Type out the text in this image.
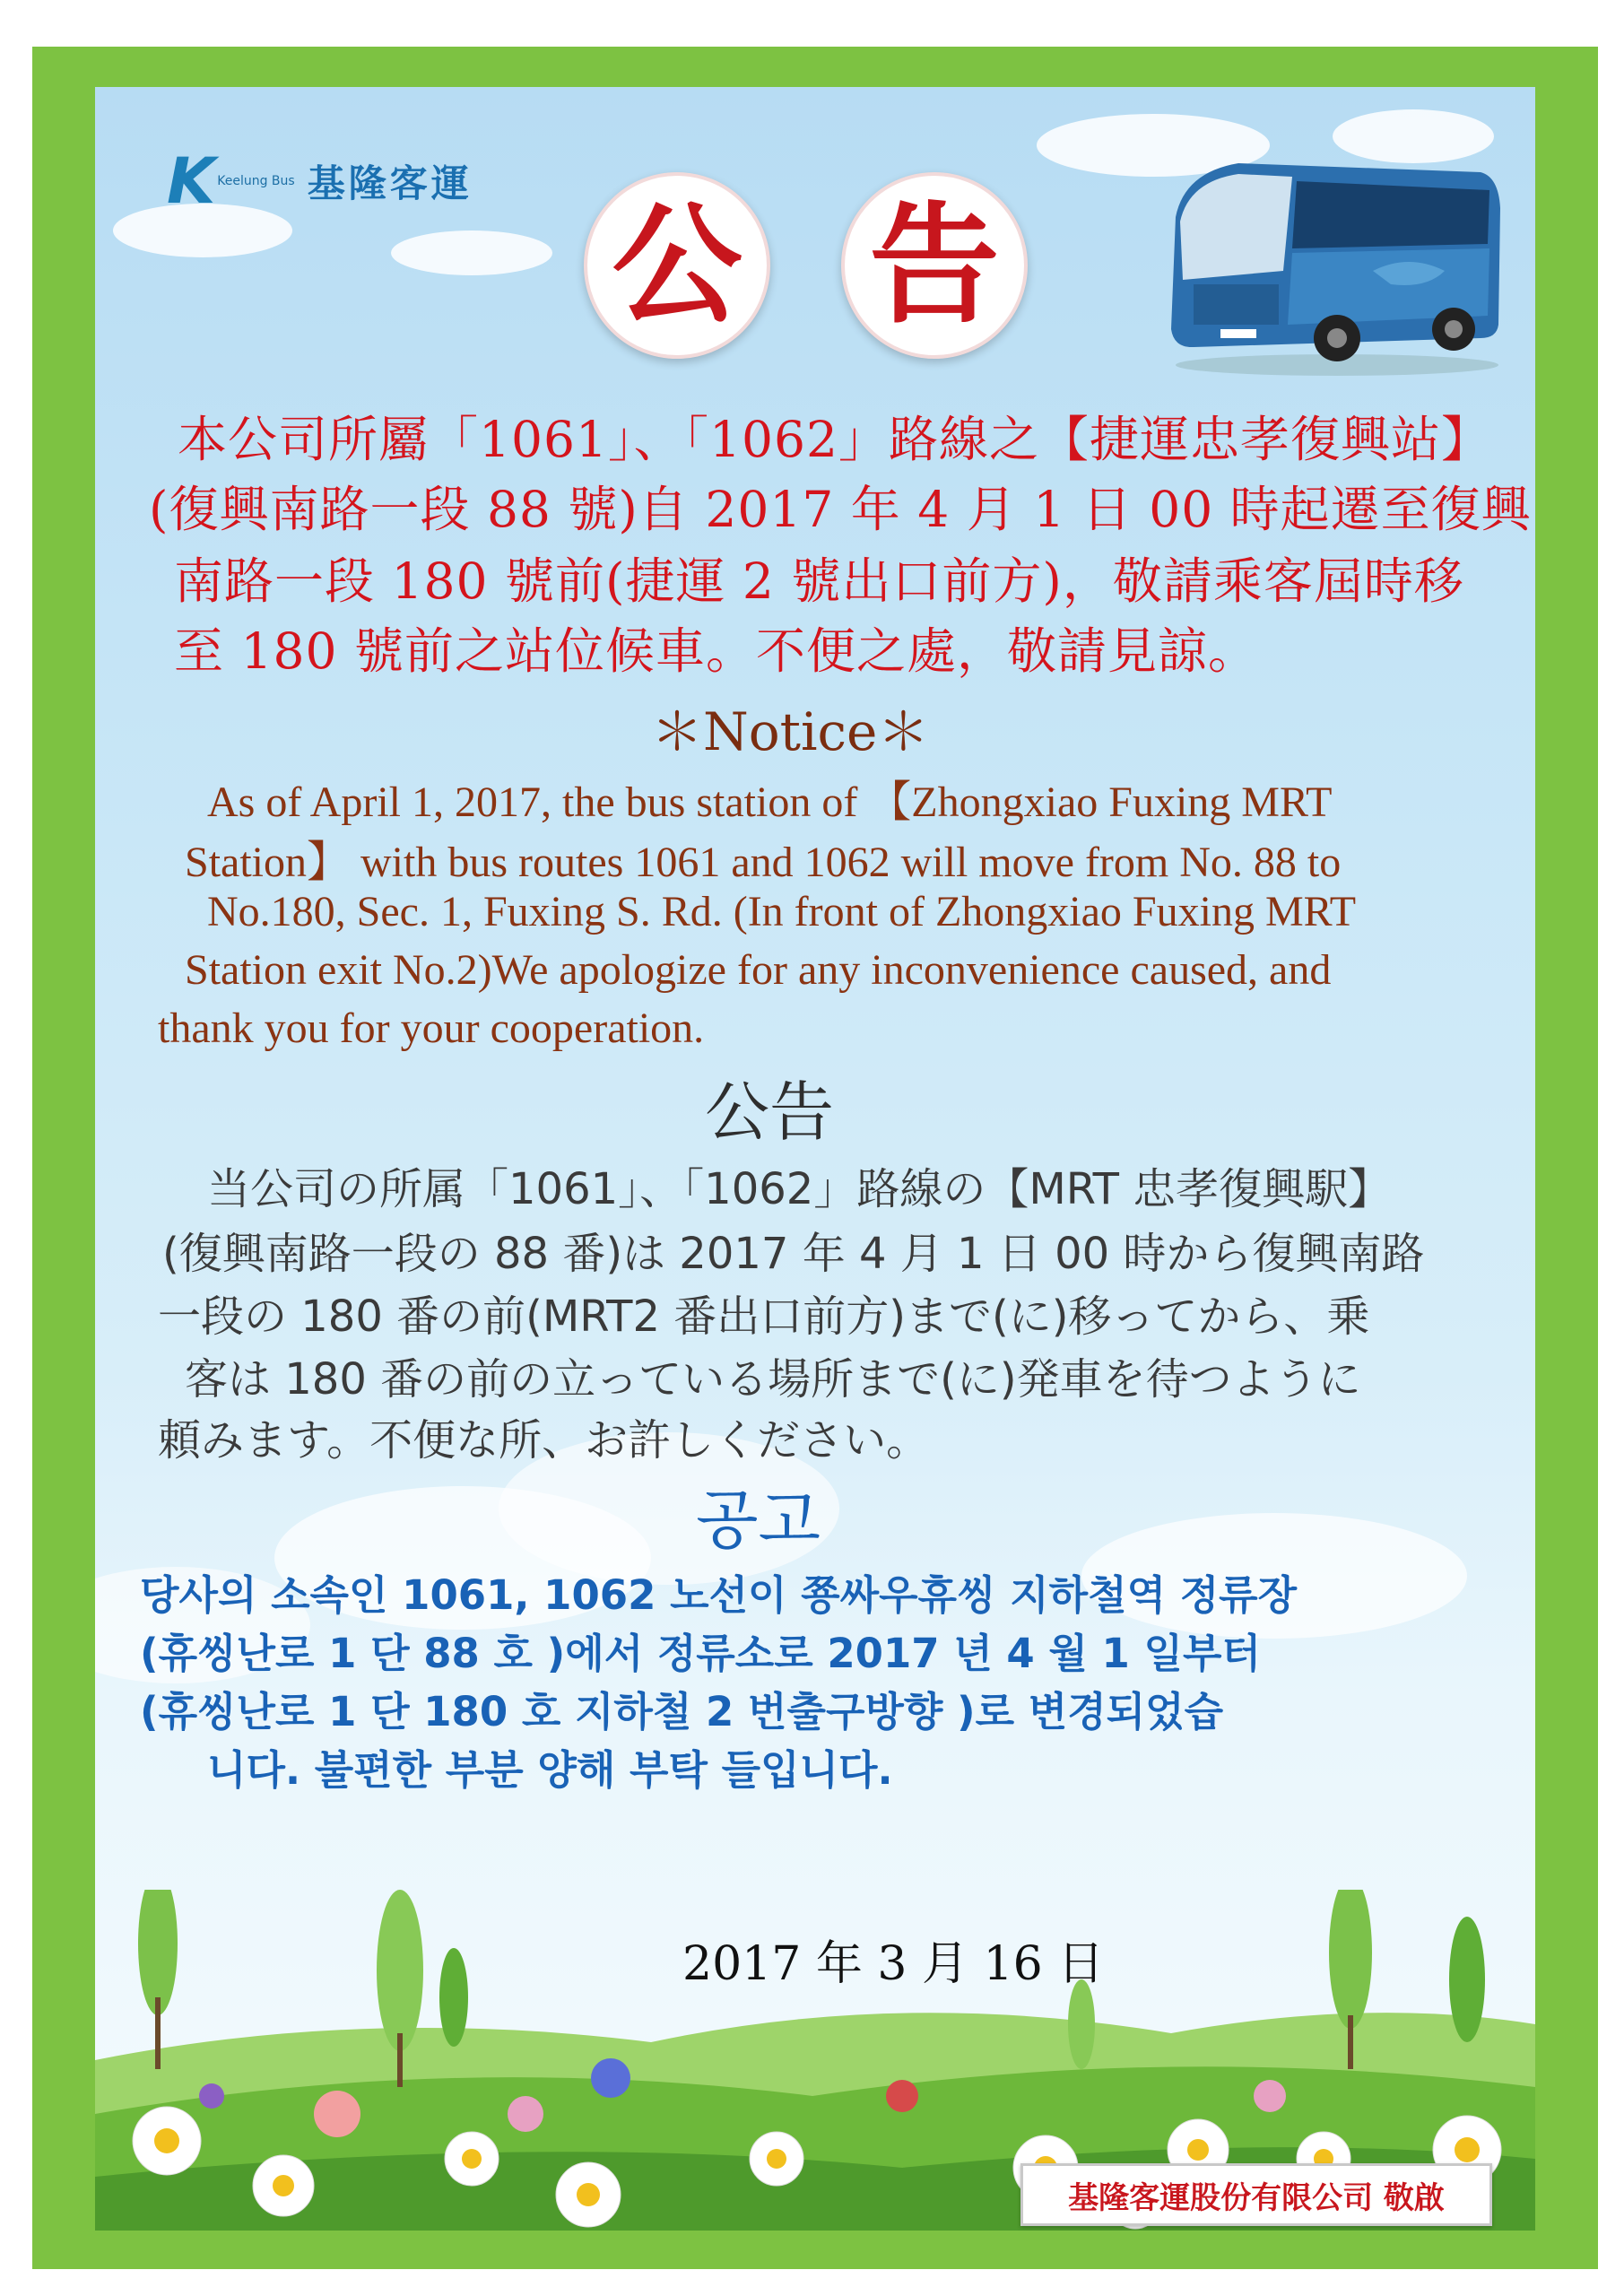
K Keelung Bus 基隆客運
公 告
本公司所屬「1061」、「1062」路線之【捷運忠孝復興站】
(復興南路一段 88 號)自 2017 年 4 月 1 日 00 時起遷至復興
南路一段 180 號前(捷運 2 號出口前方)，敬請乘客屆時移
至 180 號前之站位候車。不便之處，敬請見諒。
＊Notice＊
As of April 1, 2017, the bus station of 【Zhongxiao Fuxing MRT
Station】 with bus routes 1061 and 1062 will move from No. 88 to
No.180, Sec. 1, Fuxing S. Rd. (In front of Zhongxiao Fuxing MRT
Station exit No.2)We apologize for any inconvenience caused, and
thank you for your cooperation.
公告
当公司の所属「1061」、「1062」路線の【MRT 忠孝復興駅】
(復興南路一段の 88 番)は 2017 年 4 月 1 日 00 時から復興南路
一段の 180 番の前(MRT2 番出口前方)まで(に)移ってから、乗
客は 180 番の前の立っている場所まで(に)発車を待つように
頼みます。不便な所、お許しください。
공고
당사의 소속인 1061, 1062 노선이 쭁싸우휴씽 지하철역 정류장
(휴씽난로 1 단 88 호 )에서 정류소로 2017 년 4 월 1 일부터
(휴씽난로 1 단 180 호 지하철 2 번출구방향 )로 변경되었습
니다. 불편한 부분 양해 부탁 들입니다.
2017 年 3 月 16 日
基隆客運股份有限公司 敬啟
